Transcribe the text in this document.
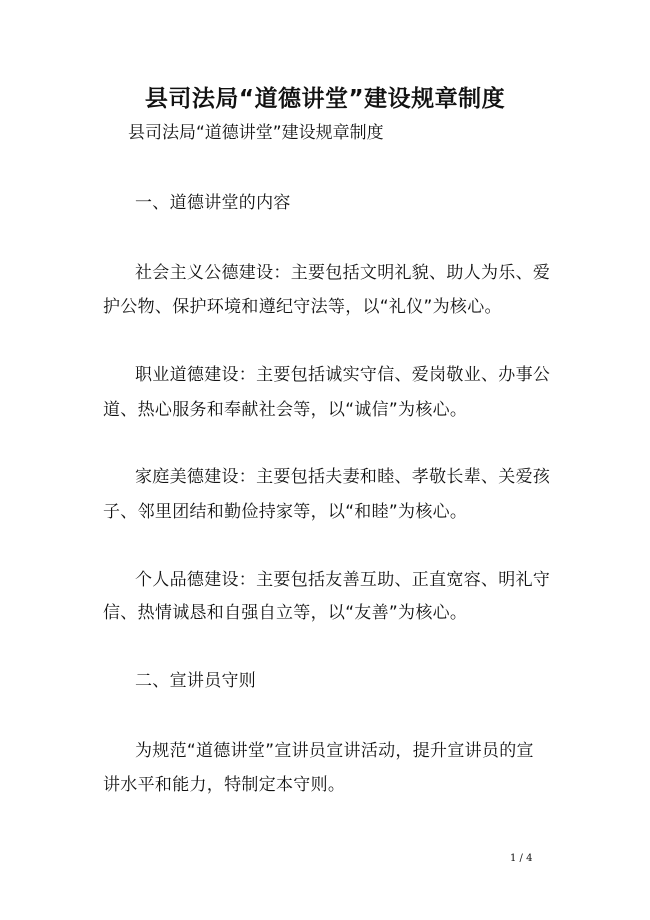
县司法局“道德讲堂”建设规章制度

县司法局“道德讲堂”建设规章制度

一、道德讲堂的内容

社会主义公德建设：主要包括文明礼貌、助人为乐、爱

护公物、保护环境和遵纪守法等，以“礼仪”为核心。

职业道德建设：主要包括诚实守信、爱岗敬业、办事公

道、热心服务和奉献社会等，以“诚信”为核心。

家庭美德建设：主要包括夫妻和睦、孝敬长辈、关爱孩

子、邻里团结和勤俭持家等，以“和睦”为核心。

个人品德建设：主要包括友善互助、正直宽容、明礼守

信、热情诚恳和自强自立等，以“友善”为核心。

二、宣讲员守则

为规范“道德讲堂”宣讲员宣讲活动，提升宣讲员的宣

讲水平和能力，特制定本守则。

1 / 4
